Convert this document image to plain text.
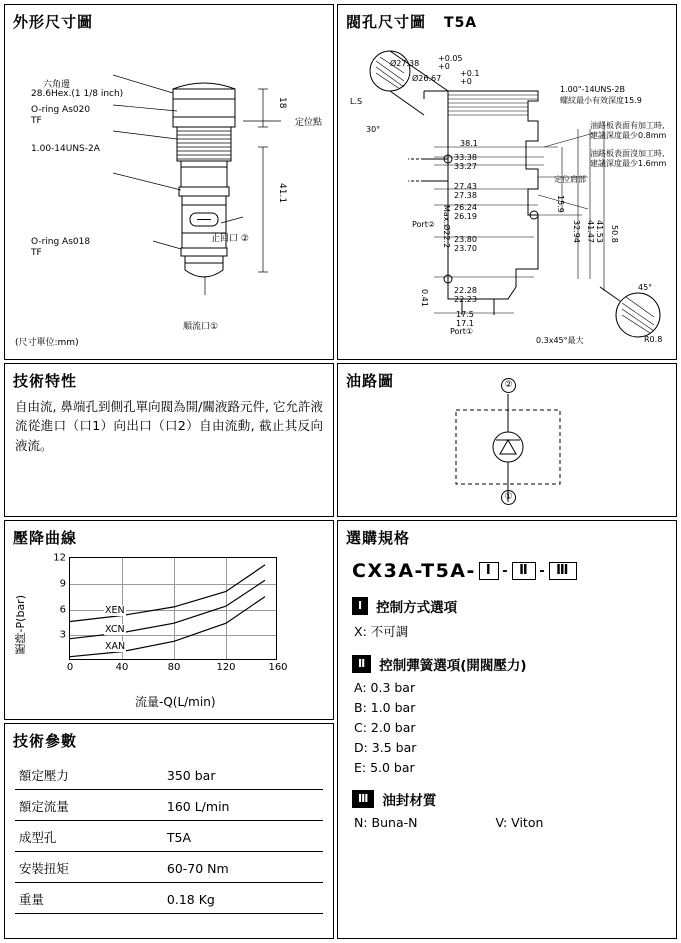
外形尺寸圖
六角邊
28.6Hex.(1 1/8 inch)
O-ring As020
TF
1.00-14UNS-2A
O-ring As018
TF
定位點
止回口 ②
順流口①
18
41.1
(尺寸單位:mm)
閥孔尺寸圖 T5A
L.S
Ø27.38
+0.05
+0
Ø26.67
+0.1
+0
30°
45°
R0.8
1.00"-14UNS-2B
螺紋最小有效深度15.9
油路板表面有加工時,
建議深度最少0.8mm
油路板表面沒加工時,
建議深度最少1.6mm
定位肩部
0.3x45°最大
Port②
Port①
Max.Ø22.2
0.41
38.1
33.38
33.27
27.43
27.38
26.24
26.19
23.80
23.70
22.28
22.23
17.5
17.1
15.9
32.94 41.47 41.53 50.8
技術特性
自由流, 鼻端孔到側孔單向閥為開/關液路元件, 它允許液流從進口（口1）向出口（口2）自由流動, 截止其反向液流。
油路圖	②
①
壓降曲線
壓降-P(bar)
流量-Q(L/min)
12
9
6
3
0	40	80	120	160
XEN
XCN
XAN
技術參數
額定壓力	350 bar
額定流量	160 L/min
成型孔	T5A
安裝扭矩	60-70 Nm
重量	0.18 Kg
選購規格
CX3A-T5A- Ⅰ - Ⅱ - Ⅲ
Ⅰ	控制方式選項
X: 不可調
Ⅱ	控制彈簧選項(開閥壓力)
A: 0.3 bar
B: 1.0 bar
C: 2.0 bar
D: 3.5 bar
E: 5.0 bar
Ⅲ	油封材質
N: Buna-N	V: Viton
